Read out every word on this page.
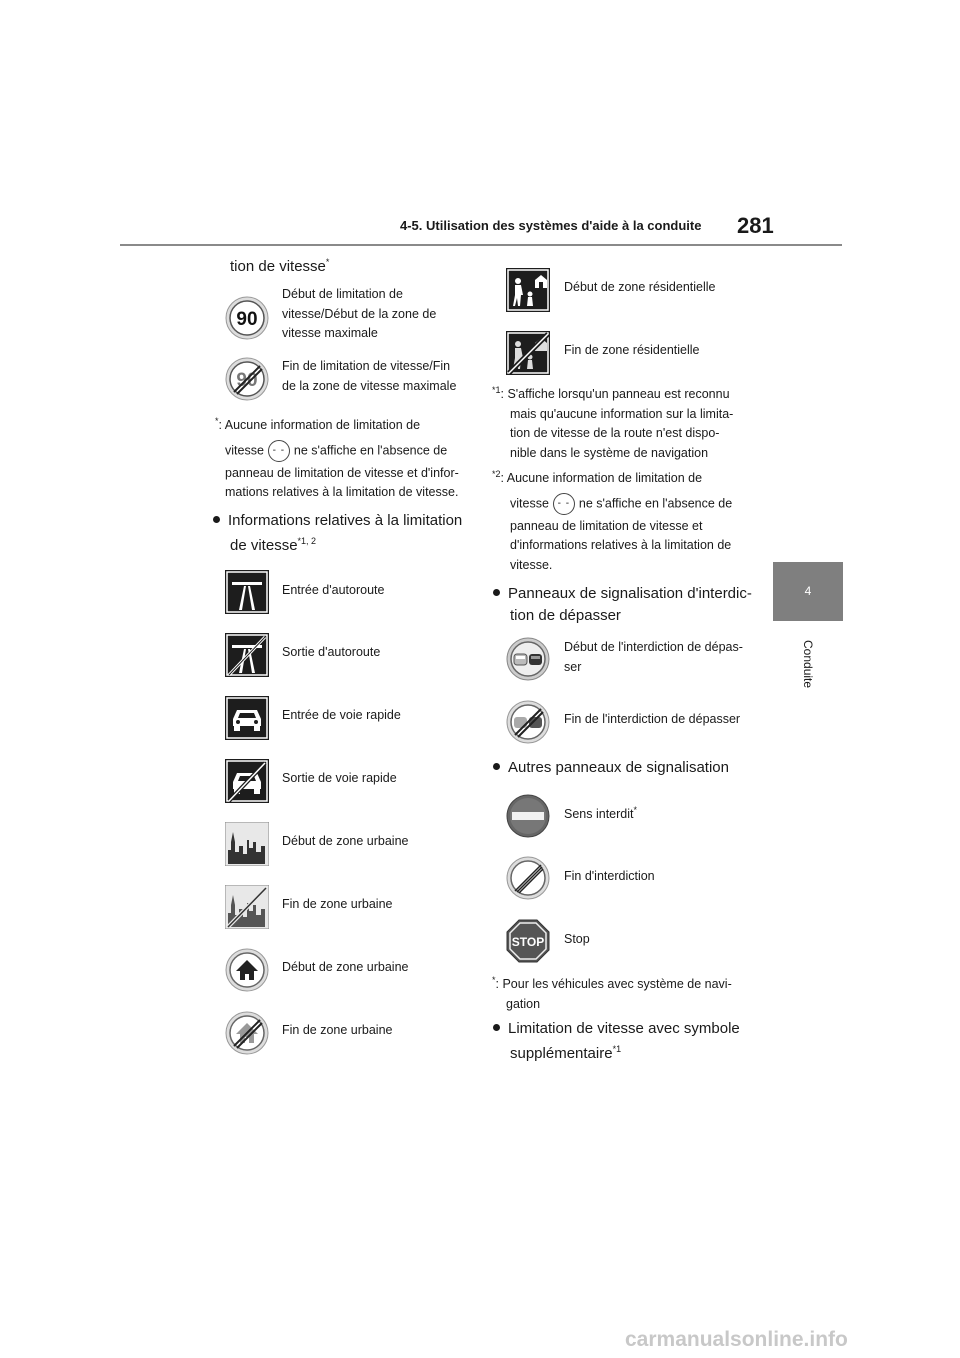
4-5. Utilisation des systèmes d'aide à la conduite 281
4
Conduite
tion de vitesse*
90
Début de limitation de vitesse/Début de la zone de vitesse maximale
90
Fin de limitation de vitesse/Fin de la zone de vitesse maximale
*: Aucune information de limitation de
vitesse - - ne s'affiche en l'absence de
panneau de limitation de vitesse et d'infor-
mations relatives à la limitation de vitesse.
Informations relatives à la limitation
de vitesse$^{*1, 2}$
Entrée d'autoroute
Sortie d'autoroute
Entrée de voie rapide
Sortie de voie rapide
Début de zone urbaine
Fin de zone urbaine
Début de zone urbaine
Fin de zone urbaine
Début de zone résidentielle
Fin de zone résidentielle
$^{*1}$: S'affiche lorsqu'un panneau est reconnu
mais qu'aucune information sur la limita-
tion de vitesse de la route n'est dispo-
nible dans le système de navigation
$^{*2}$: Aucune information de limitation de
vitesse - - ne s'affiche en l'absence de
panneau de limitation de vitesse et
d'informations relatives à la limitation de
vitesse.
Panneaux de signalisation d'interdic-
tion de dépasser
Début de l'interdiction de dépas-
ser
Fin de l'interdiction de dépasser
Autres panneaux de signalisation
Sens interdit*
Fin d'interdiction
STOP Stop
*: Pour les véhicules avec système de navi-
gation
Limitation de vitesse avec symbole
supplémentaire$^{*1}$
carmanualsonline.info
